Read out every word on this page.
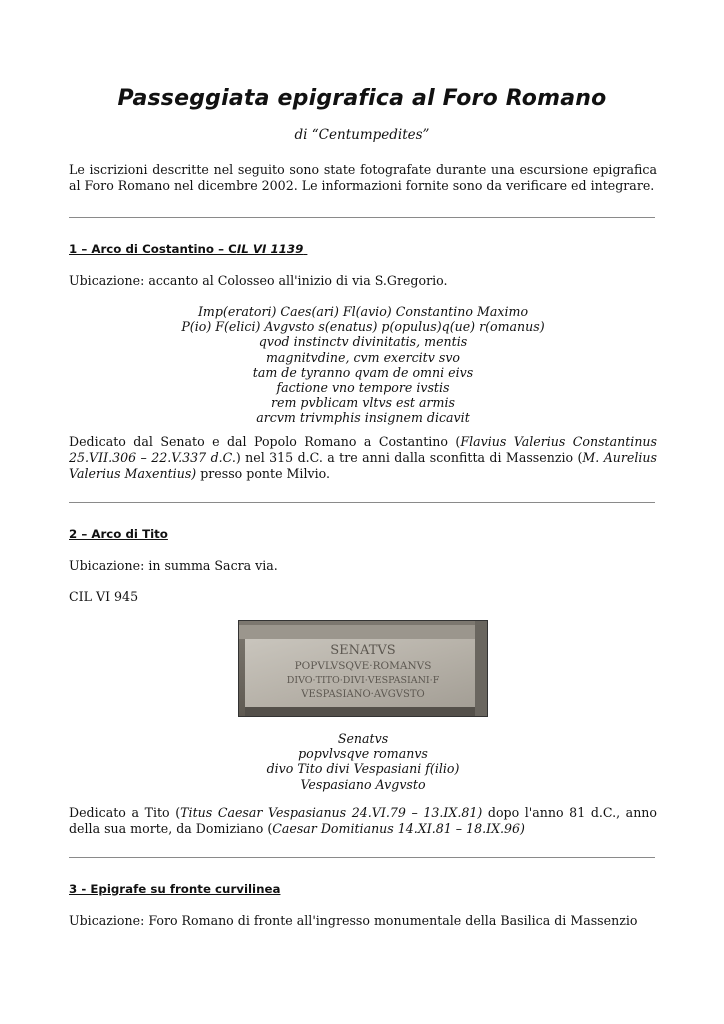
Passeggiata epigrafica al Foro Romano
di “Centumpedites”

Le iscrizioni descritte nel seguito sono state fotografate durante una escursione epigrafica al Foro Romano nel dicembre 2002. Le informazioni fornite sono da verificare ed integrare.

1 – Arco di Costantino – CIL VI 1139

Ubicazione: accanto al Colosseo all'inizio di via S.Gregorio.

Imp(eratori) Caes(ari) Fl(avio) Constantino Maximo
P(io) F(elici) Avgvsto s(enatus) p(opulus)q(ue) r(omanus)
qvod instinctv divinitatis, mentis
magnitvdine, cvm exercitv svo
tam de tyranno qvam de omni eivs
factione vno tempore ivstis
rem pvblicam vltvs est armis
arcvm trivmphis insignem dicavit

Dedicato dal Senato e dal Popolo Romano a Costantino (Flavius Valerius Constantinus 25.VII.306 – 22.V.337 d.C.) nel 315 d.C. a tre anni dalla sconfitta di Massenzio (M. Aurelius Valerius Maxentius) presso ponte Milvio.

2 – Arco di Tito

Ubicazione: in summa Sacra via.

CIL VI 945

SENATVS
POPVLVSQVE·ROMANVS
DIVO·TITO·DIVI·VESPASIANI·F
VESPASIANO·AVGVSTO
Senatvs
popvlvsqve romanvs
divo Tito divi Vespasiani f(ilio)
Vespasiano Avgvsto

Dedicato a Tito (Titus Caesar Vespasianus 24.VI.79 – 13.IX.81) dopo l'anno 81 d.C., anno della sua morte, da Domiziano (Caesar Domitianus 14.XI.81 – 18.IX.96)

3 - Epigrafe su fronte curvilinea

Ubicazione: Foro Romano di fronte all'ingresso monumentale della Basilica di Massenzio
